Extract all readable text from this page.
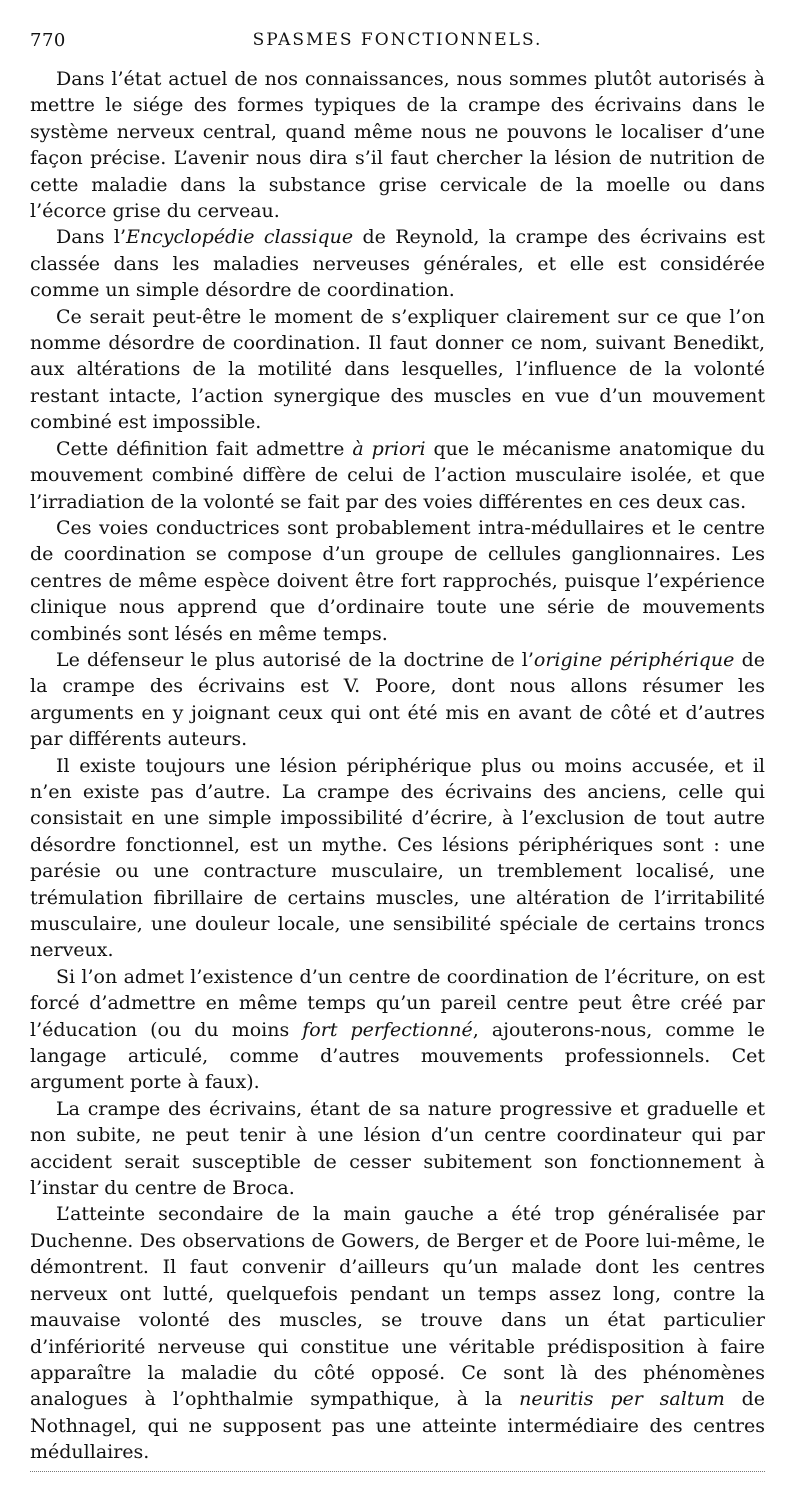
770	SPASMES FONCTIONNELS.

Dans l’état actuel de nos connaissances, nous sommes plutôt autorisés à mettre le siége des formes typiques de la crampe des écrivains dans le système nerveux central, quand même nous ne pouvons le localiser d’une façon précise. L’avenir nous dira s’il faut chercher la lésion de nutrition de cette maladie dans la substance grise cervicale de la moelle ou dans l’écorce grise du cerveau.

Dans l’Encyclopédie classique de Reynold, la crampe des écrivains est classée dans les maladies nerveuses générales, et elle est considérée comme un simple désordre de coordination.

Ce serait peut-être le moment de s’expliquer clairement sur ce que l’on nomme désordre de coordination. Il faut donner ce nom, suivant Benedikt, aux altérations de la motilité dans lesquelles, l’influence de la volonté restant intacte, l’action synergique des muscles en vue d’un mouvement combiné est impossible.

Cette définition fait admettre à priori que le mécanisme anatomique du mouvement combiné diffère de celui de l’action musculaire isolée, et que l’irradiation de la volonté se fait par des voies différentes en ces deux cas.

Ces voies conductrices sont probablement intra-médullaires et le centre de coordination se compose d’un groupe de cellules ganglionnaires. Les centres de même espèce doivent être fort rapprochés, puisque l’expérience clinique nous apprend que d’ordinaire toute une série de mouvements combinés sont lésés en même temps.

Le défenseur le plus autorisé de la doctrine de l’origine périphérique de la crampe des écrivains est V. Poore, dont nous allons résumer les arguments en y joignant ceux qui ont été mis en avant de côté et d’autres par différents auteurs.

Il existe toujours une lésion périphérique plus ou moins accusée, et il n’en existe pas d’autre. La crampe des écrivains des anciens, celle qui consistait en une simple impossibilité d’écrire, à l’exclusion de tout autre désordre fonctionnel, est un mythe. Ces lésions périphériques sont : une parésie ou une contracture musculaire, un tremblement localisé, une trémulation fibrillaire de certains muscles, une altération de l’irritabilité musculaire, une douleur locale, une sensibilité spéciale de certains troncs nerveux.

Si l’on admet l’existence d’un centre de coordination de l’écriture, on est forcé d’admettre en même temps qu’un pareil centre peut être créé par l’éducation (ou du moins fort perfectionné, ajouterons-nous, comme le langage articulé, comme d’autres mouvements professionnels. Cet argument porte à faux).

La crampe des écrivains, étant de sa nature progressive et graduelle et non subite, ne peut tenir à une lésion d’un centre coordinateur qui par accident serait susceptible de cesser subitement son fonctionnement à l’instar du centre de Broca.

L’atteinte secondaire de la main gauche a été trop généralisée par Duchenne. Des observations de Gowers, de Berger et de Poore lui-même, le démontrent. Il faut convenir d’ailleurs qu’un malade dont les centres nerveux ont lutté, quelquefois pendant un temps assez long, contre la mauvaise volonté des muscles, se trouve dans un état particulier d’infériorité nerveuse qui constitue une véritable prédisposition à faire apparaître la maladie du côté opposé. Ce sont là des phénomènes analogues à l’ophthalmie sympathique, à la neuritis per saltum de Nothnagel, qui ne supposent pas une atteinte intermédiaire des centres médullaires.
